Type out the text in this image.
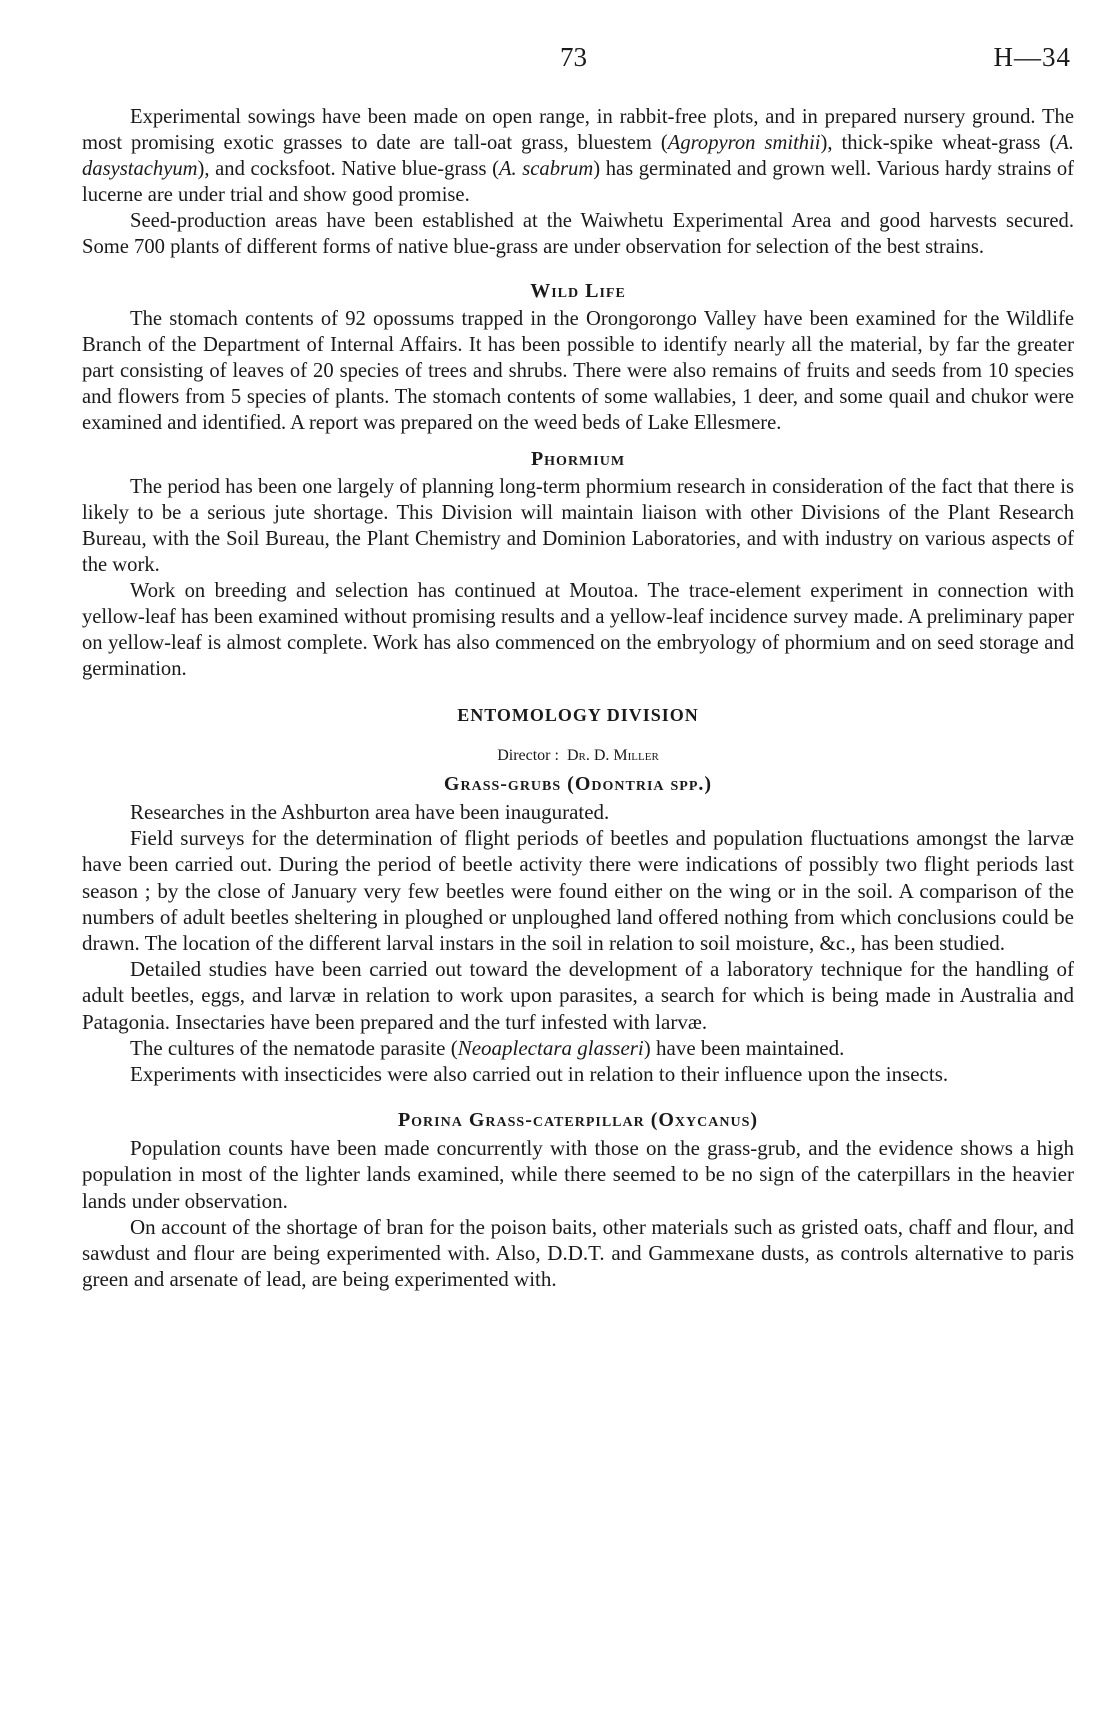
73	H—34

Experimental sowings have been made on open range, in rabbit-free plots, and in prepared nursery ground. The most promising exotic grasses to date are tall-oat grass, bluestem (Agropyron smithii), thick-spike wheat-grass (A. dasystachyum), and cocksfoot. Native blue-grass (A. scabrum) has germinated and grown well. Various hardy strains of lucerne are under trial and show good promise.

Seed-production areas have been established at the Waiwhetu Experimental Area and good harvests secured. Some 700 plants of different forms of native blue-grass are under observation for selection of the best strains.

Wild Life

The stomach contents of 92 opossums trapped in the Orongorongo Valley have been examined for the Wildlife Branch of the Department of Internal Affairs. It has been possible to identify nearly all the material, by far the greater part consisting of leaves of 20 species of trees and shrubs. There were also remains of fruits and seeds from 10 species and flowers from 5 species of plants. The stomach contents of some wallabies, 1 deer, and some quail and chukor were examined and identified. A report was prepared on the weed beds of Lake Ellesmere.

Phormium

The period has been one largely of planning long-term phormium research in consideration of the fact that there is likely to be a serious jute shortage. This Division will maintain liaison with other Divisions of the Plant Research Bureau, with the Soil Bureau, the Plant Chemistry and Dominion Laboratories, and with industry on various aspects of the work.

Work on breeding and selection has continued at Moutoa. The trace-element experiment in connection with yellow-leaf has been examined without promising results and a yellow-leaf incidence survey made. A preliminary paper on yellow-leaf is almost complete. Work has also commenced on the embryology of phormium and on seed storage and germination.

ENTOMOLOGY DIVISION
Director : Dr. D. Miller
Grass-grubs (Odontria spp.)

Researches in the Ashburton area have been inaugurated.

Field surveys for the determination of flight periods of beetles and population fluctuations amongst the larvæ have been carried out. During the period of beetle activity there were indications of possibly two flight periods last season ; by the close of January very few beetles were found either on the wing or in the soil. A comparison of the numbers of adult beetles sheltering in ploughed or unploughed land offered nothing from which conclusions could be drawn. The location of the different larval instars in the soil in relation to soil moisture, &c., has been studied.

Detailed studies have been carried out toward the development of a laboratory technique for the handling of adult beetles, eggs, and larvæ in relation to work upon parasites, a search for which is being made in Australia and Patagonia. Insectaries have been prepared and the turf infested with larvæ.

The cultures of the nematode parasite (Neoaplectara glasseri) have been maintained.

Experiments with insecticides were also carried out in relation to their influence upon the insects.

Porina Grass-caterpillar (Oxycanus)

Population counts have been made concurrently with those on the grass-grub, and the evidence shows a high population in most of the lighter lands examined, while there seemed to be no sign of the caterpillars in the heavier lands under observation.

On account of the shortage of bran for the poison baits, other materials such as gristed oats, chaff and flour, and sawdust and flour are being experimented with. Also, D.D.T. and Gammexane dusts, as controls alternative to paris green and arsenate of lead, are being experimented with.
